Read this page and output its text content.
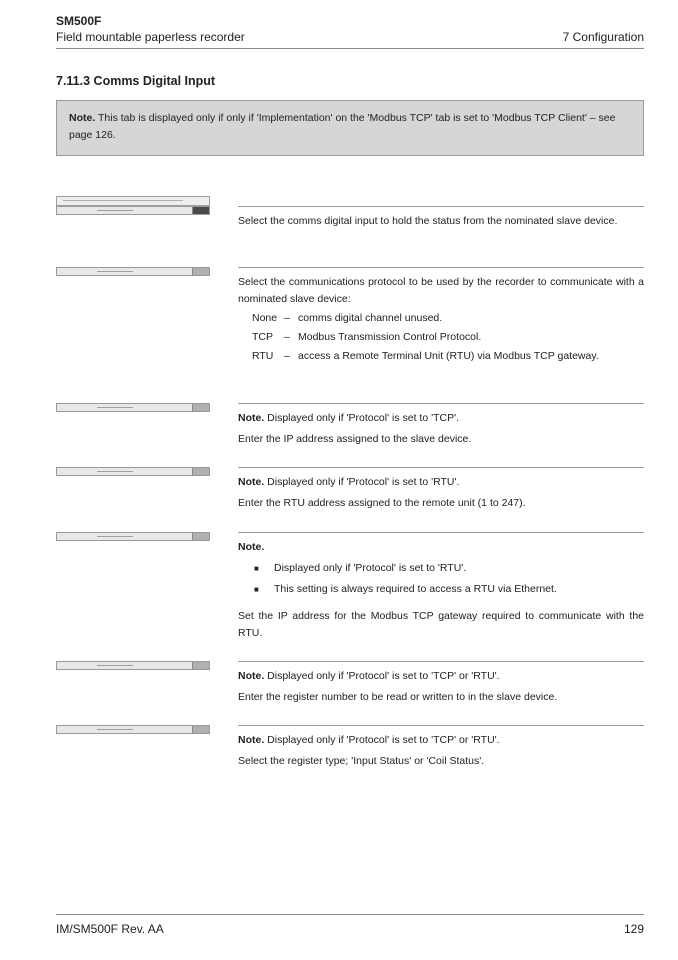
SM500F
Field mountable paperless recorder	7 Configuration
7.11.3 Comms Digital Input
Note. This tab is displayed only if only if 'Implementation' on the 'Modbus TCP' tab is set to 'Modbus TCP Client' – see page 126.

Select the comms digital input to hold the status from the nominated slave device.

Select the communications protocol to be used by the recorder to communicate with a nominated slave device:

None – comms digital channel unused.
TCP	– Modbus Transmission Control Protocol.
RTU	– access a Remote Terminal Unit (RTU) via Modbus TCP gateway.

Note. Displayed only if 'Protocol' is set to 'TCP'.

Enter the IP address assigned to the slave device.

Note. Displayed only if 'Protocol' is set to 'RTU'.

Enter the RTU address assigned to the remote unit (1 to 247).

Note.

■	Displayed only if 'Protocol' is set to 'RTU'.
■	This setting is always required to access a RTU via Ethernet.

Set the IP address for the Modbus TCP gateway required to communicate with the RTU.

Note. Displayed only if 'Protocol' is set to 'TCP' or 'RTU'.

Enter the register number to be read or written to in the slave device.

Note. Displayed only if 'Protocol' is set to 'TCP' or 'RTU'.

Select the register type; 'Input Status' or 'Coil Status'.

IM/SM500F Rev. AA	129
